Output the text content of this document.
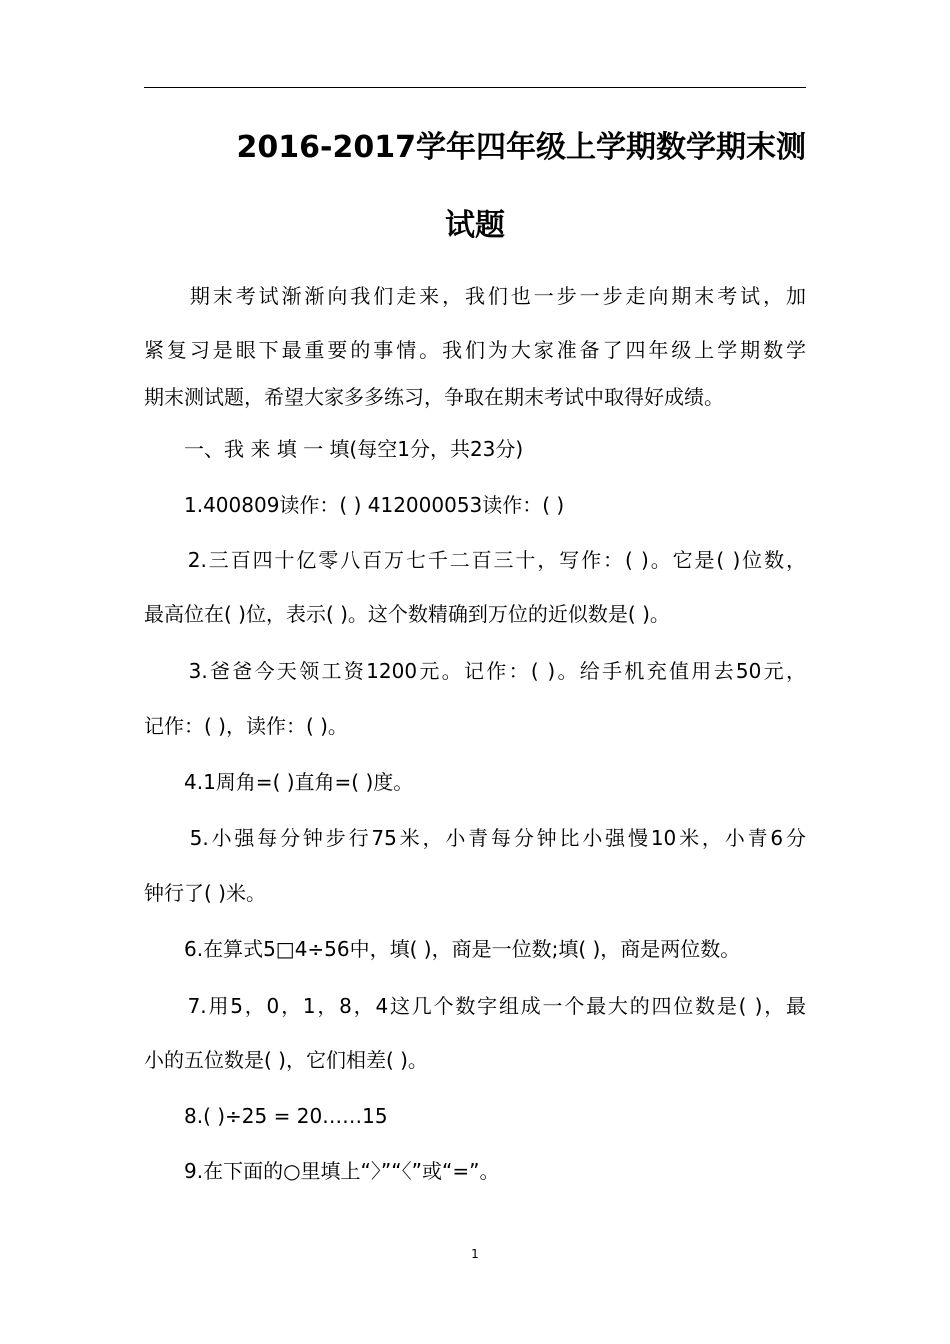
2016-2017学年四年级上学期数学期末测
试题
　　期末考试渐渐向我们走来，我们也一步一步走向期末考试，加
紧复习是眼下最重要的事情。我们为大家准备了四年级上学期数学
期末测试题，希望大家多多练习，争取在期末考试中取得好成绩。
　　一、我 来 填 一 填(每空1分，共23分)
　　1.400809读作：( ) 412000053读作：( )
　　2.三百四十亿零八百万七千二百三十，写作：( )。它是( )位数，
最高位在( )位，表示( )。这个数精确到万位的近似数是( )。
　　3.爸爸今天领工资1200元。记作：( )。给手机充值用去50元，
记作：( )，读作：( )。
　　4.1周角=( )直角=( )度。
　　5.小强每分钟步行75米，小青每分钟比小强慢10米，小青6分
钟行了( )米。
　　6.在算式5□4÷56中，填( )，商是一位数;填( )，商是两位数。
　　7.用5，0，1，8，4这几个数字组成一个最大的四位数是( )，最
小的五位数是( )，它们相差( )。
　　8.( )÷25 = 20……15
　　9.在下面的○里填上“〉”“〈”或“=”。
1
